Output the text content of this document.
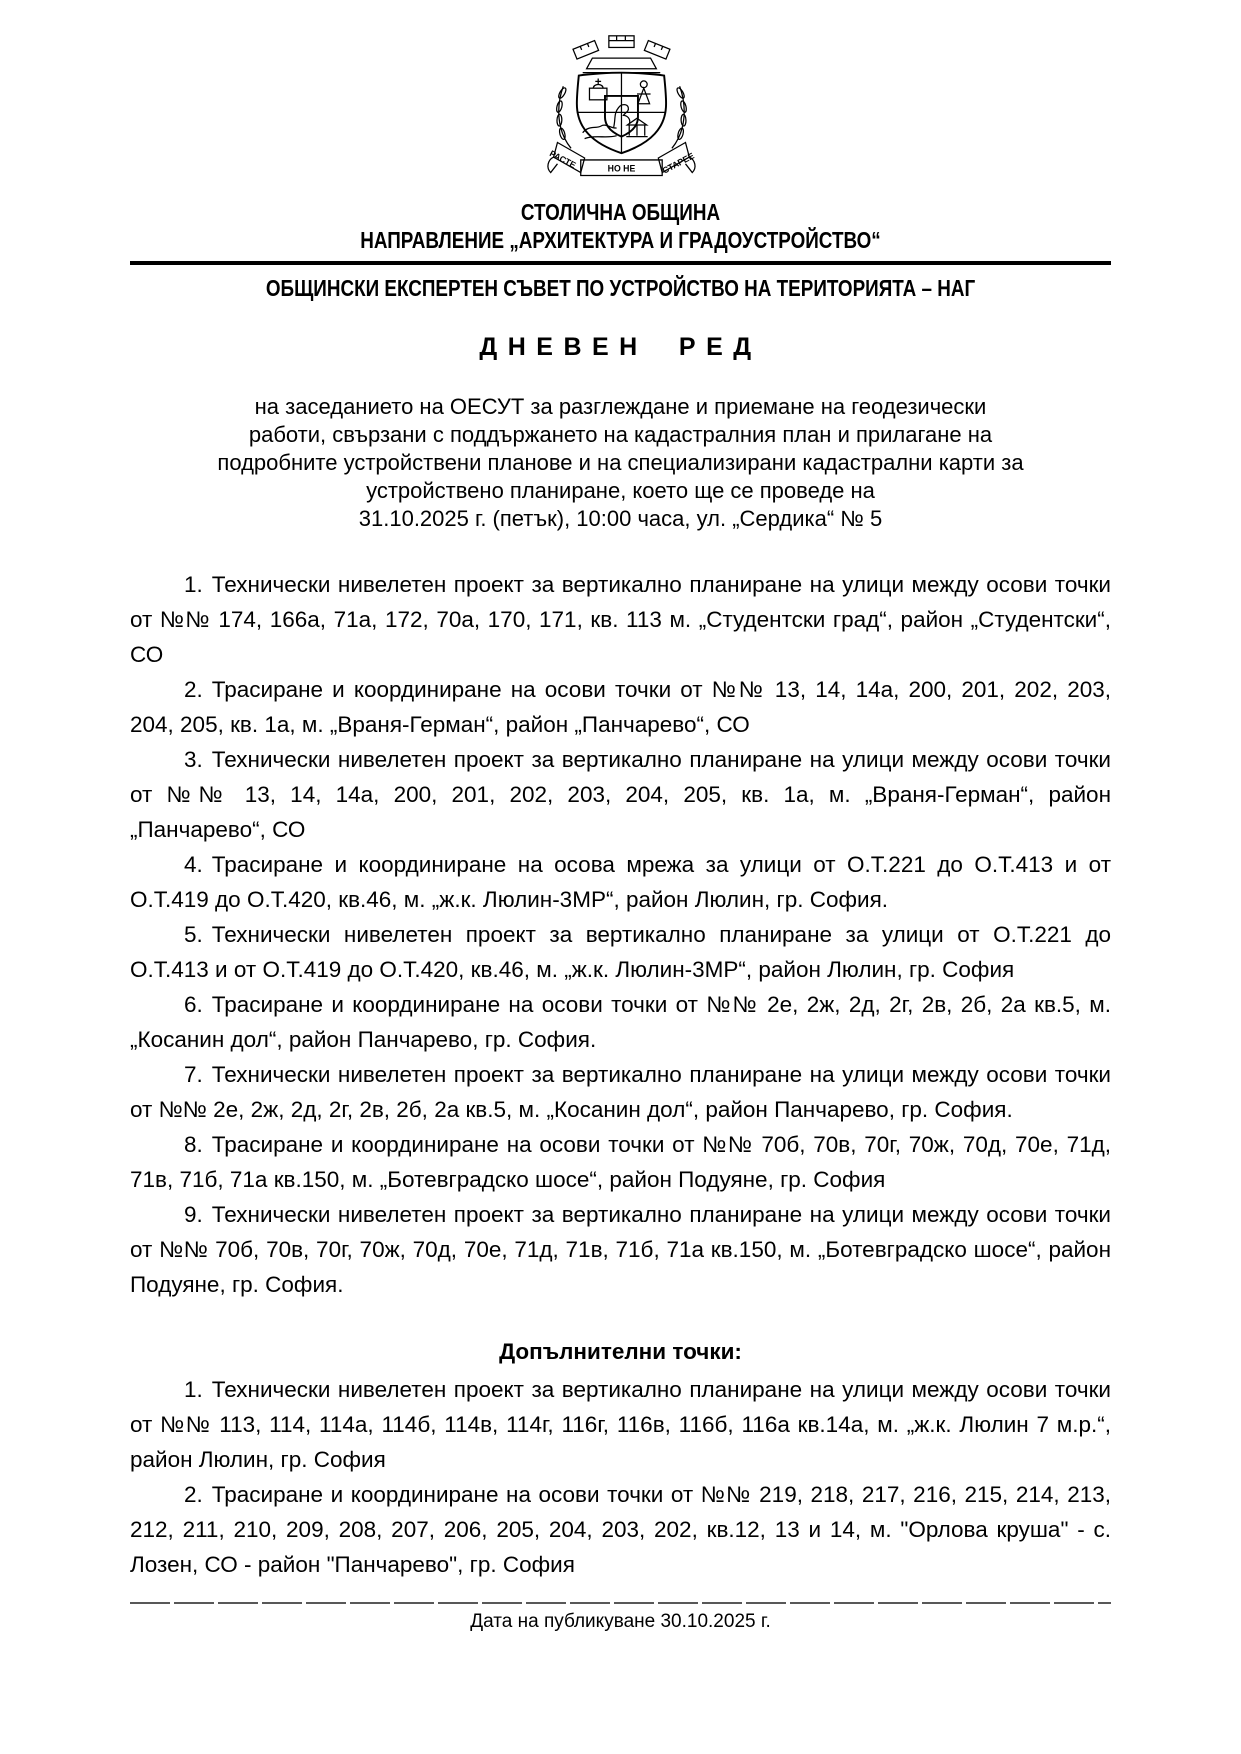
РАСТЕ	НО НЕ	СТАРЕЕ
СТОЛИЧНА ОБЩИНА
НАПРАВЛЕНИЕ „АРХИТЕКТУРА И ГРАДОУСТРОЙСТВО“
ОБЩИНСКИ ЕКСПЕРТЕН СЪВЕТ ПО УСТРОЙСТВО НА ТЕРИТОРИЯТА – НАГ
ДНЕВЕН РЕД
на заседанието на ОЕСУТ за разглеждане и приемане на геодезически
работи, свързани с поддържането на кадастралния план и прилагане на
подробните устройствени планове и на специализирани кадастрални карти за
устройствено планиране, което ще се проведе на
31.10.2025 г. (петък), 10:00 часа, ул. „Сердика“ № 5

1. Технически нивелетен проект за вертикално планиране на улици между осови точки от №№ 174, 166а, 71а, 172, 70а, 170, 171, кв. 113 м. „Студентски град“, район „Студентски“, СО

2. Трасиране и координиране на осови точки от №№ 13, 14, 14а, 200, 201, 202, 203, 204, 205, кв. 1а, м. „Враня-Герман“, район „Панчарево“, СО

3. Технически нивелетен проект за вертикално планиране на улици между осови точки от №№ 13, 14, 14а, 200, 201, 202, 203, 204, 205, кв. 1а, м. „Враня-Герман“, район „Панчарево“, СО

4. Трасиране и координиране на осова мрежа за улици от О.Т.221 до О.Т.413 и от О.Т.419 до О.Т.420, кв.46, м. „ж.к. Люлин-3МР“, район Люлин, гр. София.

5. Технически нивелетен проект за вертикално планиране за улици от О.Т.221 до О.Т.413 и от О.Т.419 до О.Т.420, кв.46, м. „ж.к. Люлин-3МР“, район Люлин, гр. София

6. Трасиране и координиране на осови точки от №№ 2е, 2ж, 2д, 2г, 2в, 2б, 2а кв.5, м. „Косанин дол“, район Панчарево, гр. София.

7. Технически нивелетен проект за вертикално планиране на улици между осови точки от №№ 2е, 2ж, 2д, 2г, 2в, 2б, 2а кв.5, м. „Косанин дол“, район Панчарево, гр. София.

8. Трасиране и координиране на осови точки от №№ 70б, 70в, 70г, 70ж, 70д, 70е, 71д, 71в, 71б, 71а кв.150, м. „Ботевградско шосе“, район Подуяне, гр. София

9. Технически нивелетен проект за вертикално планиране на улици между осови точки от №№ 70б, 70в, 70г, 70ж, 70д, 70е, 71д, 71в, 71б, 71а кв.150, м. „Ботевградско шосе“, район Подуяне, гр. София.

Допълнителни точки:

1. Технически нивелетен проект за вертикално планиране на улици между осови точки от №№ 113, 114, 114а, 114б, 114в, 114г, 116г, 116в, 116б, 116а кв.14а, м. „ж.к. Люлин 7 м.р.“, район Люлин, гр. София

2. Трасиране и координиране на осови точки от №№ 219, 218, 217, 216, 215, 214, 213, 212, 211, 210, 209, 208, 207, 206, 205, 204, 203, 202, кв.12, 13 и 14, м. "Орлова круша" - с. Лозен, СО - район "Панчарево", гр. София

Дата на публикуване 30.10.2025 г.
